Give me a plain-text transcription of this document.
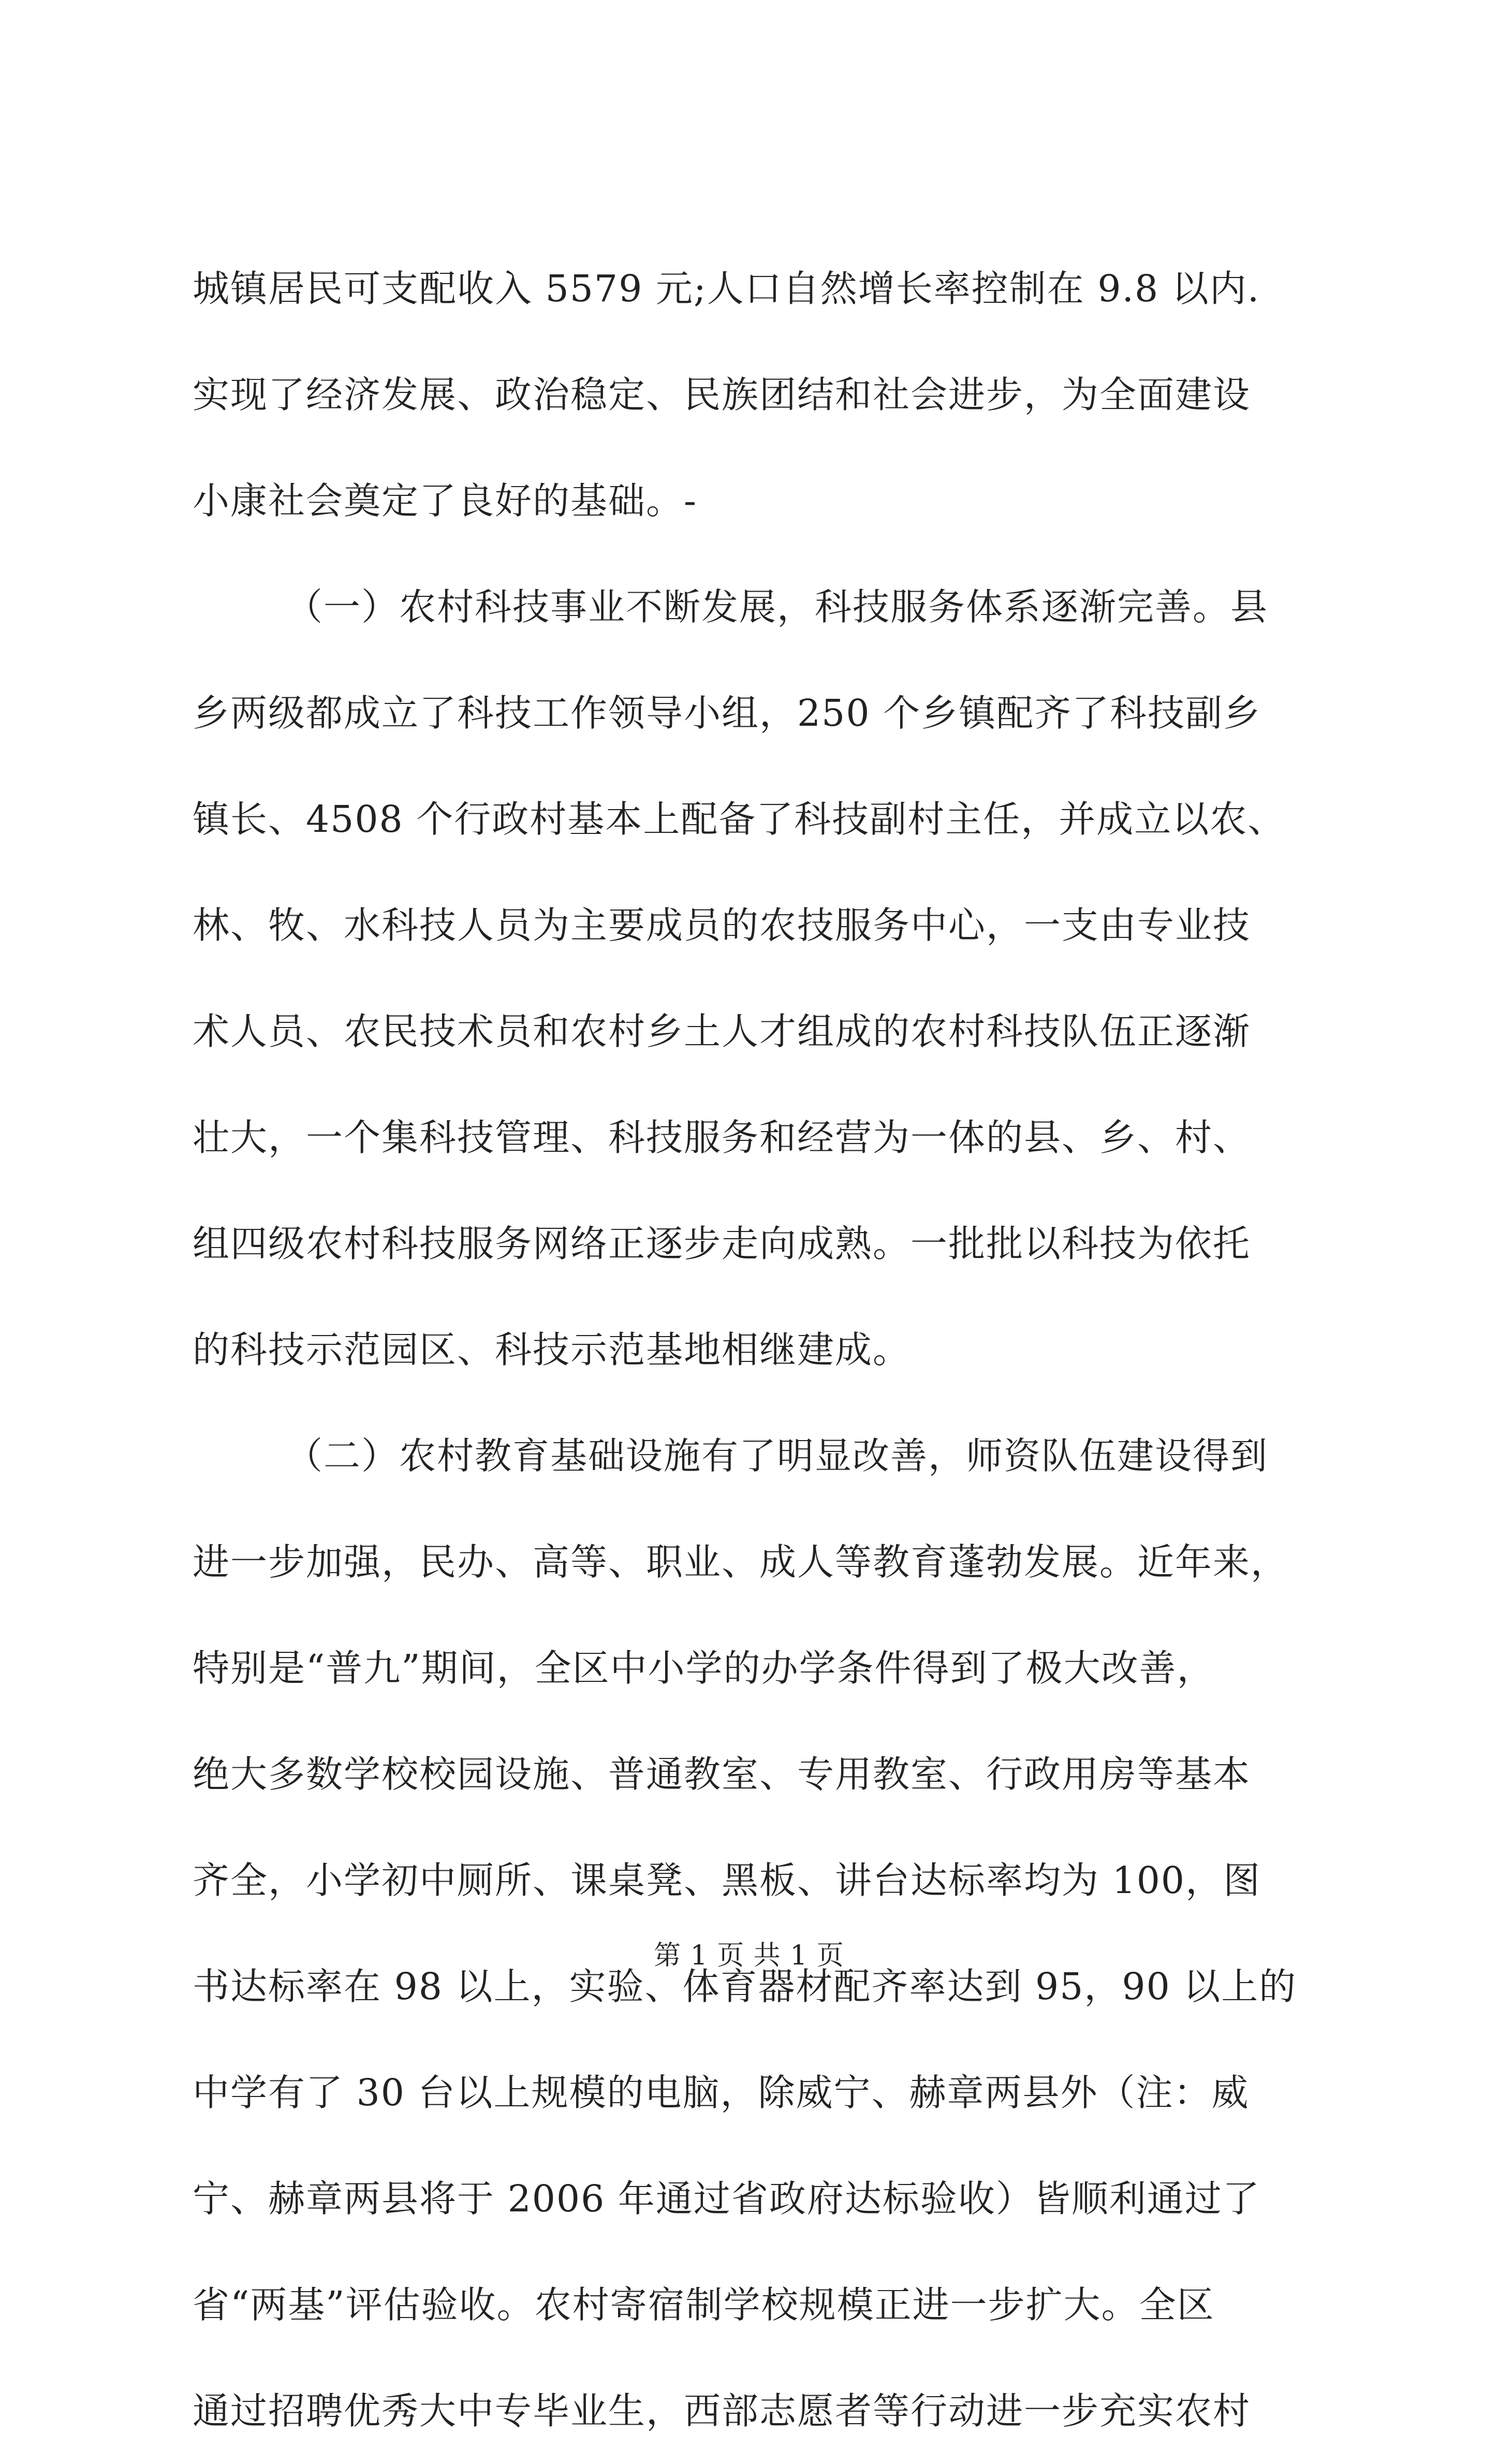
城镇居民可支配收入 5579 元;人口自然增长率控制在 9.8 以内.
实现了经济发展、政治稳定、民族团结和社会进步，为全面建设
小康社会奠定了良好的基础。-
（一）农村科技事业不断发展，科技服务体系逐渐完善。县
乡两级都成立了科技工作领导小组，250 个乡镇配齐了科技副乡
镇长、4508 个行政村基本上配备了科技副村主任，并成立以农、
林、牧、水科技人员为主要成员的农技服务中心，一支由专业技
术人员、农民技术员和农村乡土人才组成的农村科技队伍正逐渐
壮大，一个集科技管理、科技服务和经营为一体的县、乡、村、
组四级农村科技服务网络正逐步走向成熟。一批批以科技为依托
的科技示范园区、科技示范基地相继建成。
（二）农村教育基础设施有了明显改善，师资队伍建设得到
进一步加强，民办、高等、职业、成人等教育蓬勃发展。近年来，
特别是“普九”期间，全区中小学的办学条件得到了极大改善，
绝大多数学校校园设施、普通教室、专用教室、行政用房等基本
齐全，小学初中厕所、课桌凳、黑板、讲台达标率均为 100，图
书达标率在 98 以上，实验、体育器材配齐率达到 95，90 以上的
中学有了 30 台以上规模的电脑，除威宁、赫章两县外（注：威
宁、赫章两县将于 2006 年通过省政府达标验收）皆顺利通过了
省“两基”评估验收。农村寄宿制学校规模正进一步扩大。全区
通过招聘优秀大中专毕业生，西部志愿者等行动进一步充实农村
第 1 页 共 1 页
